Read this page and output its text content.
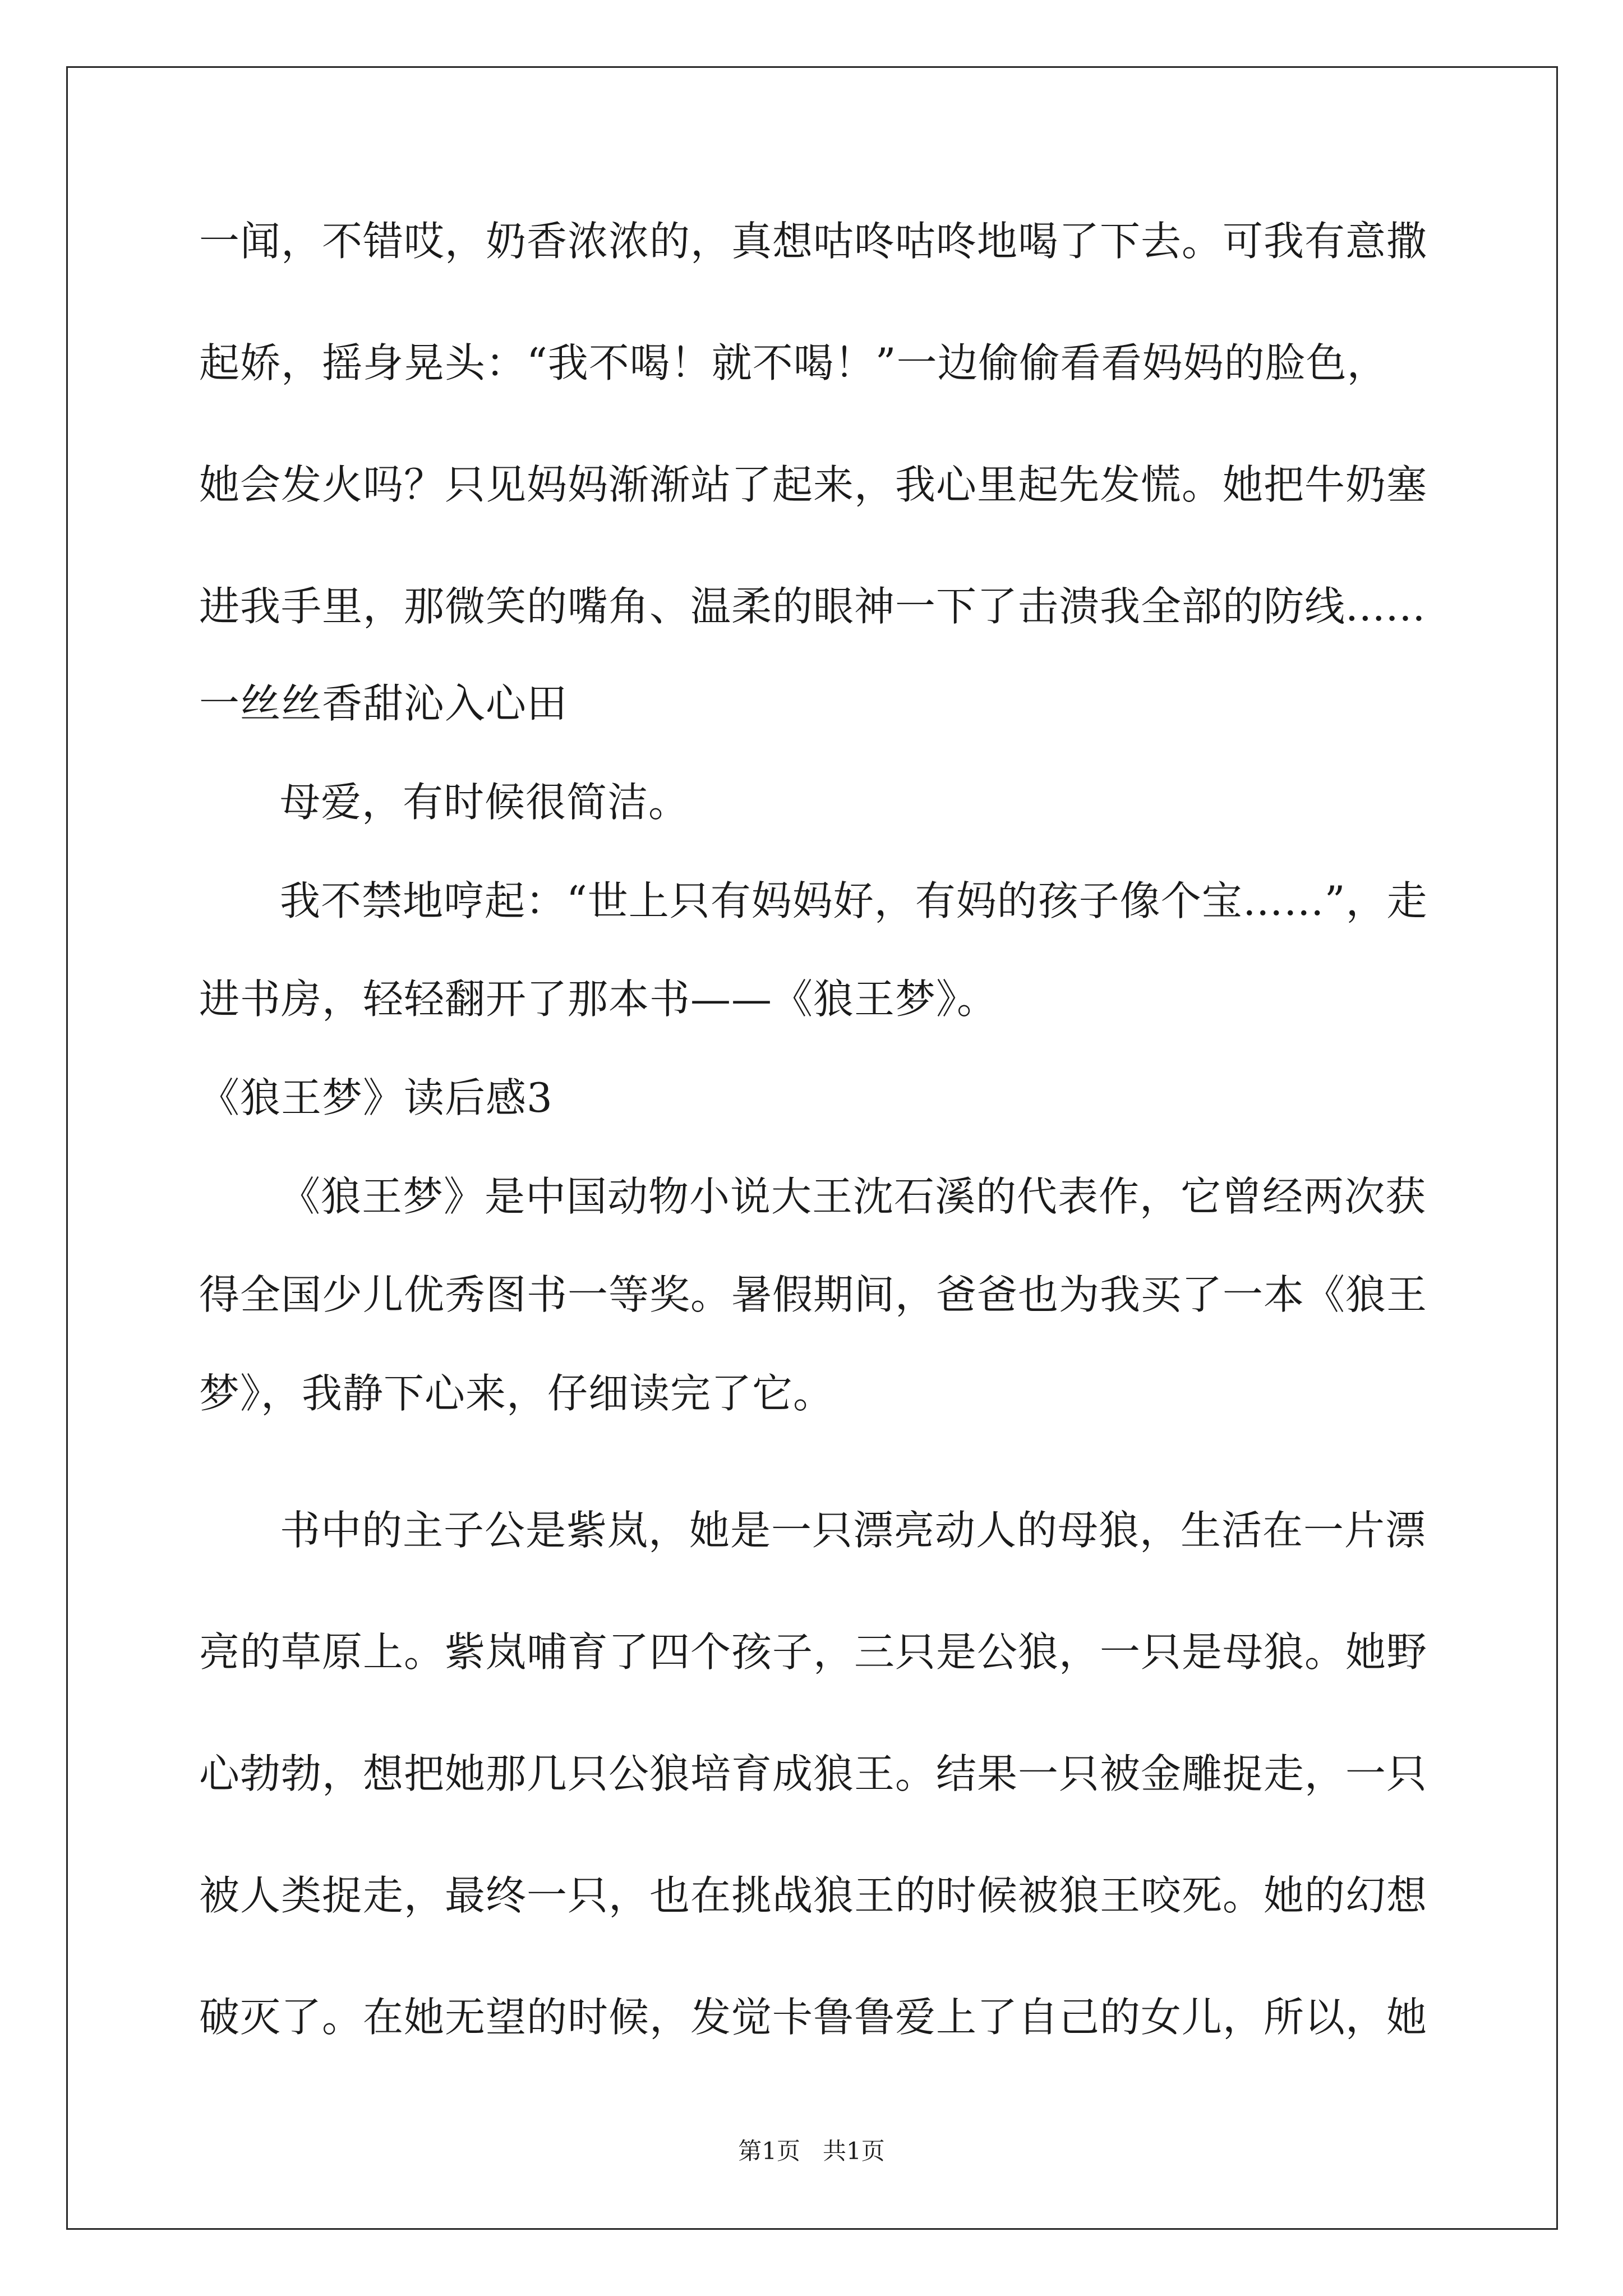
一闻，不错哎，奶香浓浓的，真想咕咚咕咚地喝了下去。可我有意撒
起娇，摇身晃头：“我不喝！就不喝！”一边偷偷看看妈妈的脸色，
她会发火吗？只见妈妈渐渐站了起来，我心里起先发慌。她把牛奶塞
进我手里，那微笑的嘴角、温柔的眼神一下了击溃我全部的防线......
一丝丝香甜沁入心田
母爱，有时候很简洁。
我不禁地哼起：“世上只有妈妈好，有妈的孩子像个宝……”，走
进书房，轻轻翻开了那本书——《狼王梦》。
《狼王梦》读后感3
《狼王梦》是中国动物小说大王沈石溪的代表作，它曾经两次获
得全国少儿优秀图书一等奖。暑假期间，爸爸也为我买了一本《狼王
梦》，我静下心来，仔细读完了它。
书中的主子公是紫岚，她是一只漂亮动人的母狼，生活在一片漂
亮的草原上。紫岚哺育了四个孩子，三只是公狼，一只是母狼。她野
心勃勃，想把她那几只公狼培育成狼王。结果一只被金雕捉走，一只
被人类捉走，最终一只，也在挑战狼王的时候被狼王咬死。她的幻想
破灭了。在她无望的时候，发觉卡鲁鲁爱上了自己的女儿，所以，她
第1页   共1页
